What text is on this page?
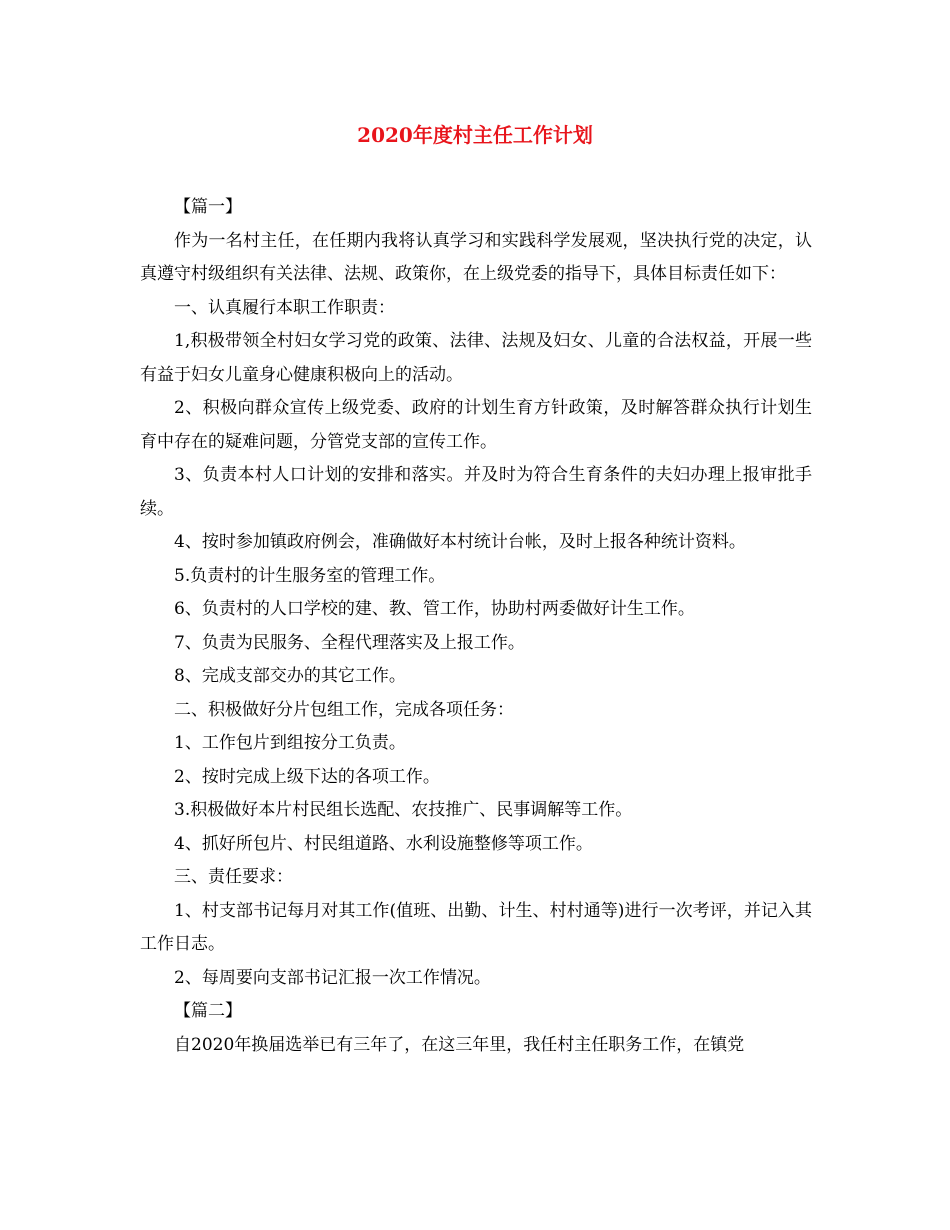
2020年度村主任工作计划

【篇一】

作为一名村主任，在任期内我将认真学习和实践科学发展观，坚决执行党的决定，认真遵守村级组织有关法律、法规、政策你，在上级党委的指导下，具体目标责任如下：

一、认真履行本职工作职责：

1,积极带领全村妇女学习党的政策、法律、法规及妇女、儿童的合法权益，开展一些有益于妇女儿童身心健康积极向上的活动。

2、积极向群众宣传上级党委、政府的计划生育方针政策，及时解答群众执行计划生育中存在的疑难问题，分管党支部的宣传工作。

3、负责本村人口计划的安排和落实。并及时为符合生育条件的夫妇办理上报审批手续。

4、按时参加镇政府例会，准确做好本村统计台帐，及时上报各种统计资料。

5.负责村的计生服务室的管理工作。

6、负责村的人口学校的建、教、管工作，协助村两委做好计生工作。

7、负责为民服务、全程代理落实及上报工作。

8、完成支部交办的其它工作。

二、积极做好分片包组工作，完成各项任务：

1、工作包片到组按分工负责。

2、按时完成上级下达的各项工作。

3.积极做好本片村民组长选配、农技推广、民事调解等工作。

4、抓好所包片、村民组道路、水利设施整修等项工作。

三、责任要求：

1、村支部书记每月对其工作(值班、出勤、计生、村村通等)进行一次考评，并记入其工作日志。

2、每周要向支部书记汇报一次工作情况。

【篇二】

自2020年换届选举已有三年了，在这三年里，我任村主任职务工作，在镇党
